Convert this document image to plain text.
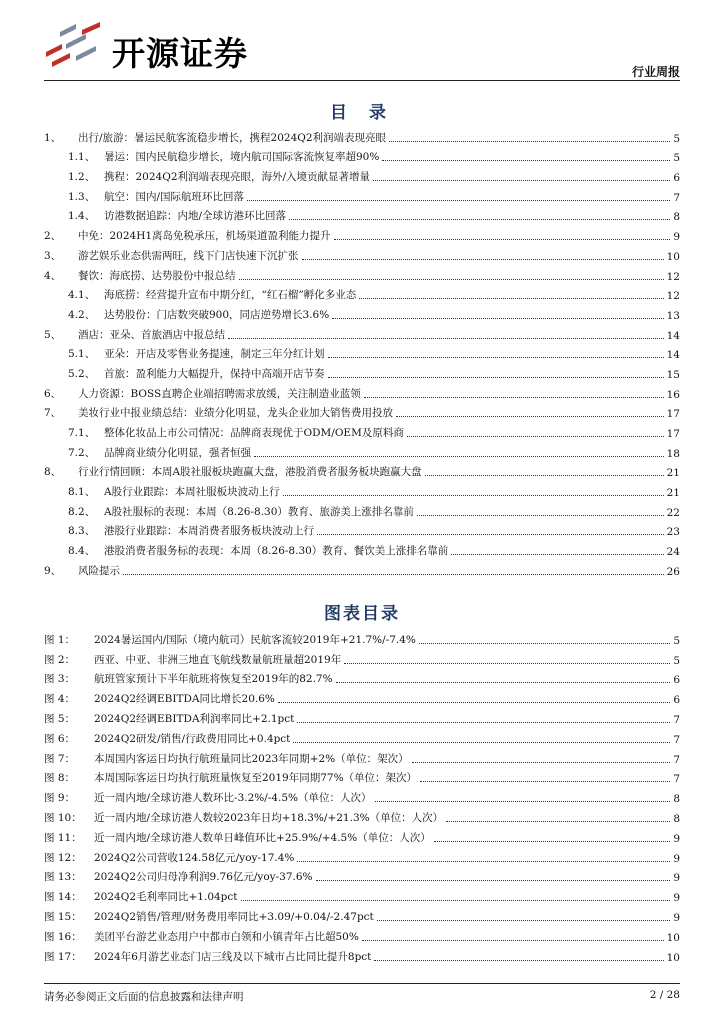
开源证券	行业周报
目 录
1、	出行/旅游：暑运民航客流稳步增长，携程2024Q2利润端表现亮眼	5
1.1、 暑运：国内民航稳步增长，境内航司国际客流恢复率超90%	5
1.2、 携程：2024Q2利润端表现亮眼，海外/入境贡献显著增量	6
1.3、 航空：国内/国际航班环比回落	7
1.4、 访港数据追踪：内地/全球访港环比回落	8
2、	中免：2024H1离岛免税承压，机场渠道盈利能力提升	9
3、	游艺娱乐业态供需两旺，线下门店快速下沉扩张	10
4、	餐饮：海底捞、达势股份中报总结	12
4.1、 海底捞：经营提升宣布中期分红，“红石榴”孵化多业态	12
4.2、 达势股份：门店数突破900，同店逆势增长3.6%	13
5、	酒店：亚朵、首旅酒店中报总结	14
5.1、 亚朵：开店及零售业务提速，制定三年分红计划	14
5.2、 首旅：盈利能力大幅提升，保持中高端开店节奏	15
6、	人力资源：BOSS直聘企业端招聘需求放缓，关注制造业蓝领	16
7、	美妆行业中报业绩总结：业绩分化明显，龙头企业加大销售费用投放	17
7.1、 整体化妆品上市公司情况：品牌商表现优于ODM/OEM及原料商	17
7.2、 品牌商业绩分化明显，强者恒强	18
8、	行业行情回顾：本周A股社服板块跑赢大盘，港股消费者服务板块跑赢大盘	21
8.1、 A股行业跟踪：本周社服板块波动上行	21
8.2、 A股社服标的表现：本周（8.26-8.30）教育、旅游美上涨排名靠前	22
8.3、 港股行业跟踪：本周消费者服务板块波动上行	23
8.4、 港股消费者服务标的表现：本周（8.26-8.30）教育、餐饮美上涨排名靠前	24
9、	风险提示	26
图表目录
图 1：	2024暑运国内/国际（境内航司）民航客流较2019年+21.7%/-7.4%	5
图 2：	西亚、中亚、非洲三地直飞航线数量航班量超2019年	5
图 3：	航班管家预计下半年航班将恢复至2019年的82.7%	6
图 4：	2024Q2经调EBITDA同比增长20.6%	6
图 5：	2024Q2经调EBITDA利润率同比+2.1pct	7
图 6：	2024Q2研发/销售/行政费用同比+0.4pct	7
图 7：	本周国内客运日均执行航班量同比2023年同期+2%（单位：架次）	7
图 8：	本周国际客运日均执行航班量恢复至2019年同期77%（单位：架次）	7
图 9：	近一周内地/全球访港人数环比-3.2%/-4.5%（单位：人次）	8
图 10：	近一周内地/全球访港人数较2023年日均+18.3%/+21.3%（单位：人次）	8
图 11：	近一周内地/全球访港人数单日峰值环比+25.9%/+4.5%（单位：人次）	9
图 12：	2024Q2公司营收124.58亿元/yoy-17.4%	9
图 13：	2024Q2公司归母净利润9.76亿元/yoy-37.6%	9
图 14：	2024Q2毛利率同比+1.04pct	9
图 15：	2024Q2销售/管理/财务费用率同比+3.09/+0.04/-2.47pct	9
图 16：	美团平台游艺业态用户中都市白领和小镇青年占比超50%	10
图 17：	2024年6月游艺业态门店三线及以下城市占比同比提升8pct	10
请务必参阅正文后面的信息披露和法律声明	2 / 28
